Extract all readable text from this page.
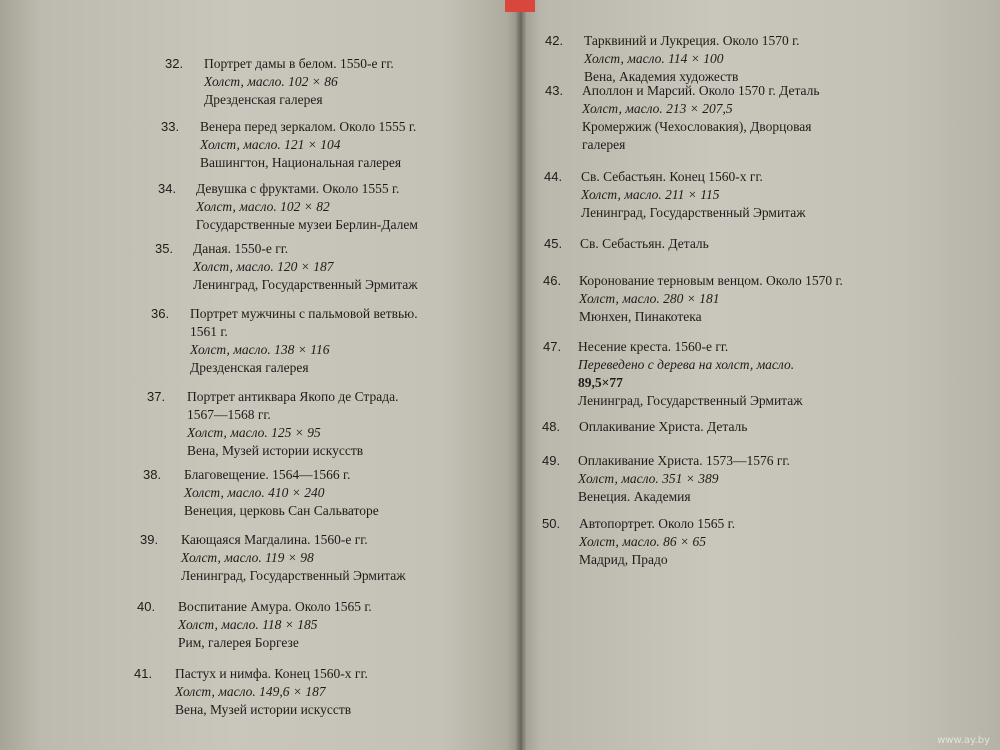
32. Портрет дамы в белом. 1550-е гг.
Холст, масло. 102 × 86
Дрезденская галерея
33. Венера перед зеркалом. Около 1555 г.
Холст, масло. 121 × 104
Вашингтон, Национальная галерея
34. Девушка с фруктами. Около 1555 г.
Холст, масло. 102 × 82
Государственные музеи Берлин-Далем
35. Даная. 1550-е гг.
Холст, масло. 120 × 187
Ленинград, Государственный Эрмитаж
36. Портрет мужчины с пальмовой ветвью.
1561 г.
Холст, масло. 138 × 116
Дрезденская галерея
37. Портрет антиквара Якопо де Страда.
1567—1568 гг.
Холст, масло. 125 × 95
Вена, Музей истории искусств
38. Благовещение. 1564—1566 г.
Холст, масло. 410 × 240
Венеция, церковь Сан Сальваторе
39. Кающаяся Магдалина. 1560-е гг.
Холст, масло. 119 × 98
Ленинград, Государственный Эрмитаж
40. Воспитание Амура. Около 1565 г.
Холст, масло. 118 × 185
Рим, галерея Боргезе
41. Пастух и нимфа. Конец 1560-х гг.
Холст, масло. 149,6 × 187
Вена, Музей истории искусств
42. Тарквиний и Лукреция. Около 1570 г.
Холст, масло. 114 × 100
Вена, Академия художеств
43. Аполлон и Марсий. Около 1570 г. Деталь
Холст, масло. 213 × 207,5
Кромержиж (Чехословакия), Дворцовая
галерея
44. Св. Себастьян. Конец 1560-х гг.
Холст, масло. 211 × 115
Ленинград, Государственный Эрмитаж
45. Св. Себастьян. Деталь
46. Коронование терновым венцом. Около 1570 г.
Холст, масло. 280 × 181
Мюнхен, Пинакотека
47. Несение креста. 1560-е гг.
Переведено с дерева на холст, масло.
89,5×77
Ленинград, Государственный Эрмитаж
48. Оплакивание Христа. Деталь
49. Оплакивание Христа. 1573—1576 гг.
Холст, масло. 351 × 389
Венеция. Академия
50. Автопортрет. Около 1565 г.
Холст, масло. 86 × 65
Мадрид, Прадо
www.ay.by
